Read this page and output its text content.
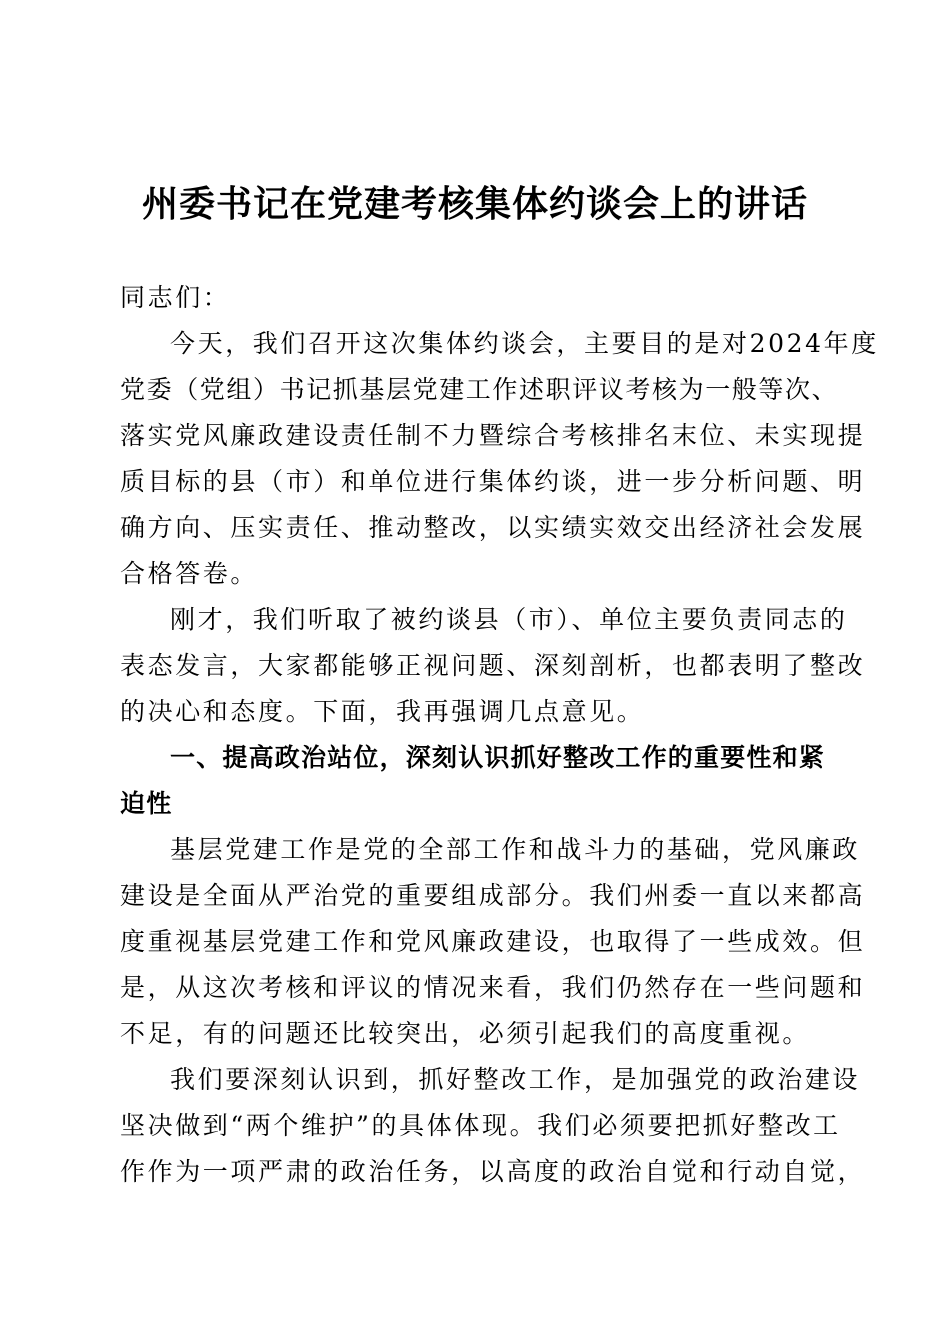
州委书记在党建考核集体约谈会上的讲话
同志们：
今天，我们召开这次集体约谈会，主要目的是对2024年度
党委（党组）书记抓基层党建工作述职评议考核为一般等次、
落实党风廉政建设责任制不力暨综合考核排名末位、未实现提
质目标的县（市）和单位进行集体约谈，进一步分析问题、明
确方向、压实责任、推动整改，以实绩实效交出经济社会发展
合格答卷。
刚才，我们听取了被约谈县（市）、单位主要负责同志的
表态发言，大家都能够正视问题、深刻剖析，也都表明了整改
的决心和态度。下面，我再强调几点意见。
一、提高政治站位，深刻认识抓好整改工作的重要性和紧
迫性
基层党建工作是党的全部工作和战斗力的基础，党风廉政
建设是全面从严治党的重要组成部分。我们州委一直以来都高
度重视基层党建工作和党风廉政建设，也取得了一些成效。但
是，从这次考核和评议的情况来看，我们仍然存在一些问题和
不足，有的问题还比较突出，必须引起我们的高度重视。
我们要深刻认识到，抓好整改工作，是加强党的政治建设
坚决做到“两个维护”的具体体现。我们必须要把抓好整改工
作作为一项严肃的政治任务，以高度的政治自觉和行动自觉，
